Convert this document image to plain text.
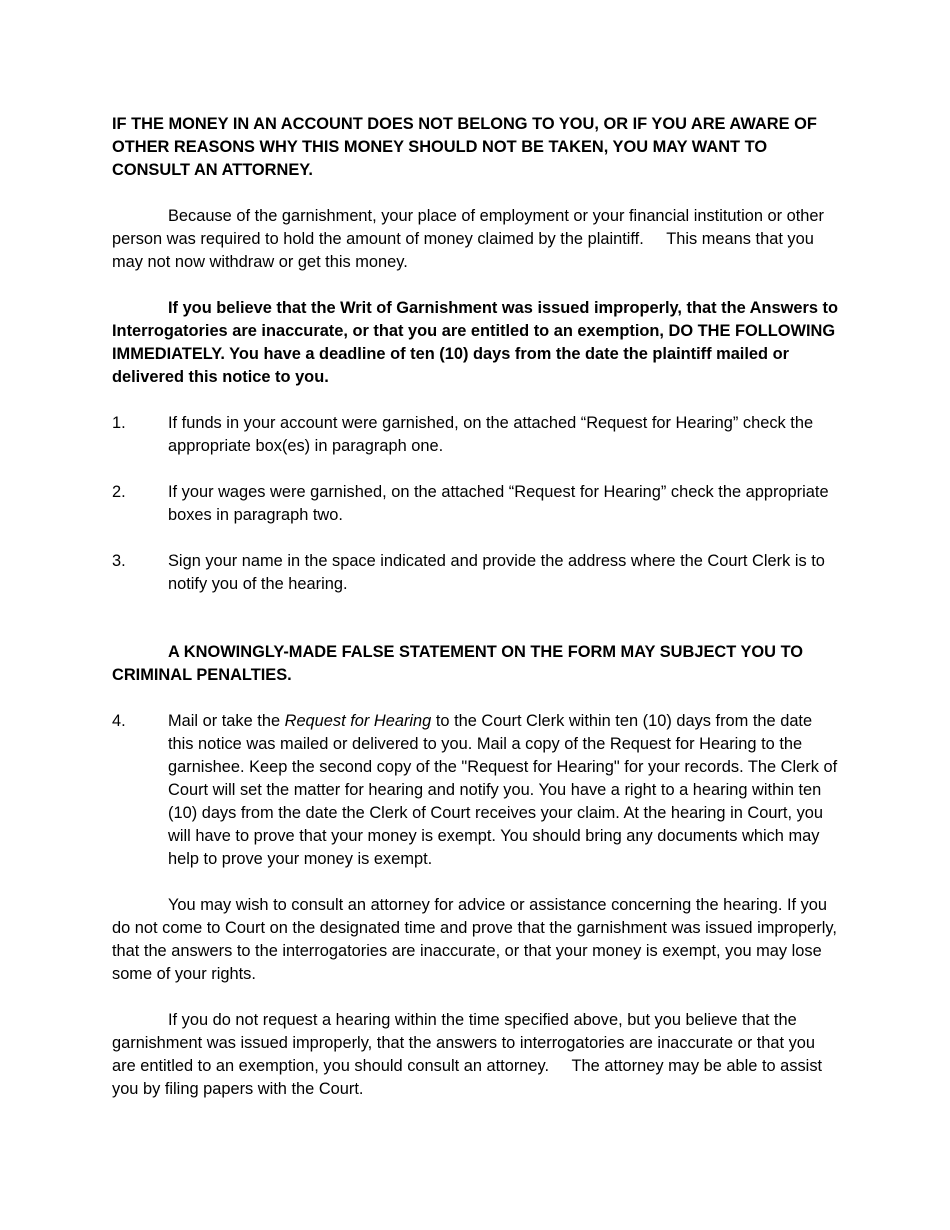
IF THE MONEY IN AN ACCOUNT DOES NOT BELONG TO YOU, OR IF YOU ARE AWARE OF OTHER REASONS WHY THIS MONEY SHOULD NOT BE TAKEN, YOU MAY WANT TO CONSULT AN ATTORNEY.

Because of the garnishment, your place of employment or your financial institution or other person was required to hold the amount of money claimed by the plaintiff.     This means that you may not now withdraw or get this money.

If you believe that the Writ of Garnishment was issued improperly, that the Answers to Interrogatories are inaccurate, or that you are entitled to an exemption, DO THE FOLLOWING IMMEDIATELY. You have a deadline of ten (10) days from the date the plaintiff mailed or delivered this notice to you.

1.	If funds in your account were garnished, on the attached “Request for Hearing” check the appropriate box(es) in paragraph one.
2.	If your wages were garnished, on the attached “Request for Hearing” check the appropriate boxes in paragraph two.
3.	Sign your name in the space indicated and provide the address where the Court Clerk is to notify you of the hearing.

A KNOWINGLY-MADE FALSE STATEMENT ON THE FORM MAY SUBJECT YOU TO CRIMINAL PENALTIES.

4.	Mail or take the Request for Hearing to the Court Clerk within ten (10) days from the date this notice was mailed or delivered to you. Mail a copy of the Request for Hearing to the garnishee. Keep the second copy of the "Request for Hearing" for your records. The Clerk of Court will set the matter for hearing and notify you. You have a right to a hearing within ten (10) days from the date the Clerk of Court receives your claim. At the hearing in Court, you will have to prove that your money is exempt. You should bring any documents which may help to prove your money is exempt.

You may wish to consult an attorney for advice or assistance concerning the hearing. If you do not come to Court on the designated time and prove that the garnishment was issued improperly, that the answers to the interrogatories are inaccurate, or that your money is exempt, you may lose some of your rights.

If you do not request a hearing within the time specified above, but you believe that the garnishment was issued improperly, that the answers to interrogatories are inaccurate or that you are entitled to an exemption, you should consult an attorney.     The attorney may be able to assist you by filing papers with the Court.
